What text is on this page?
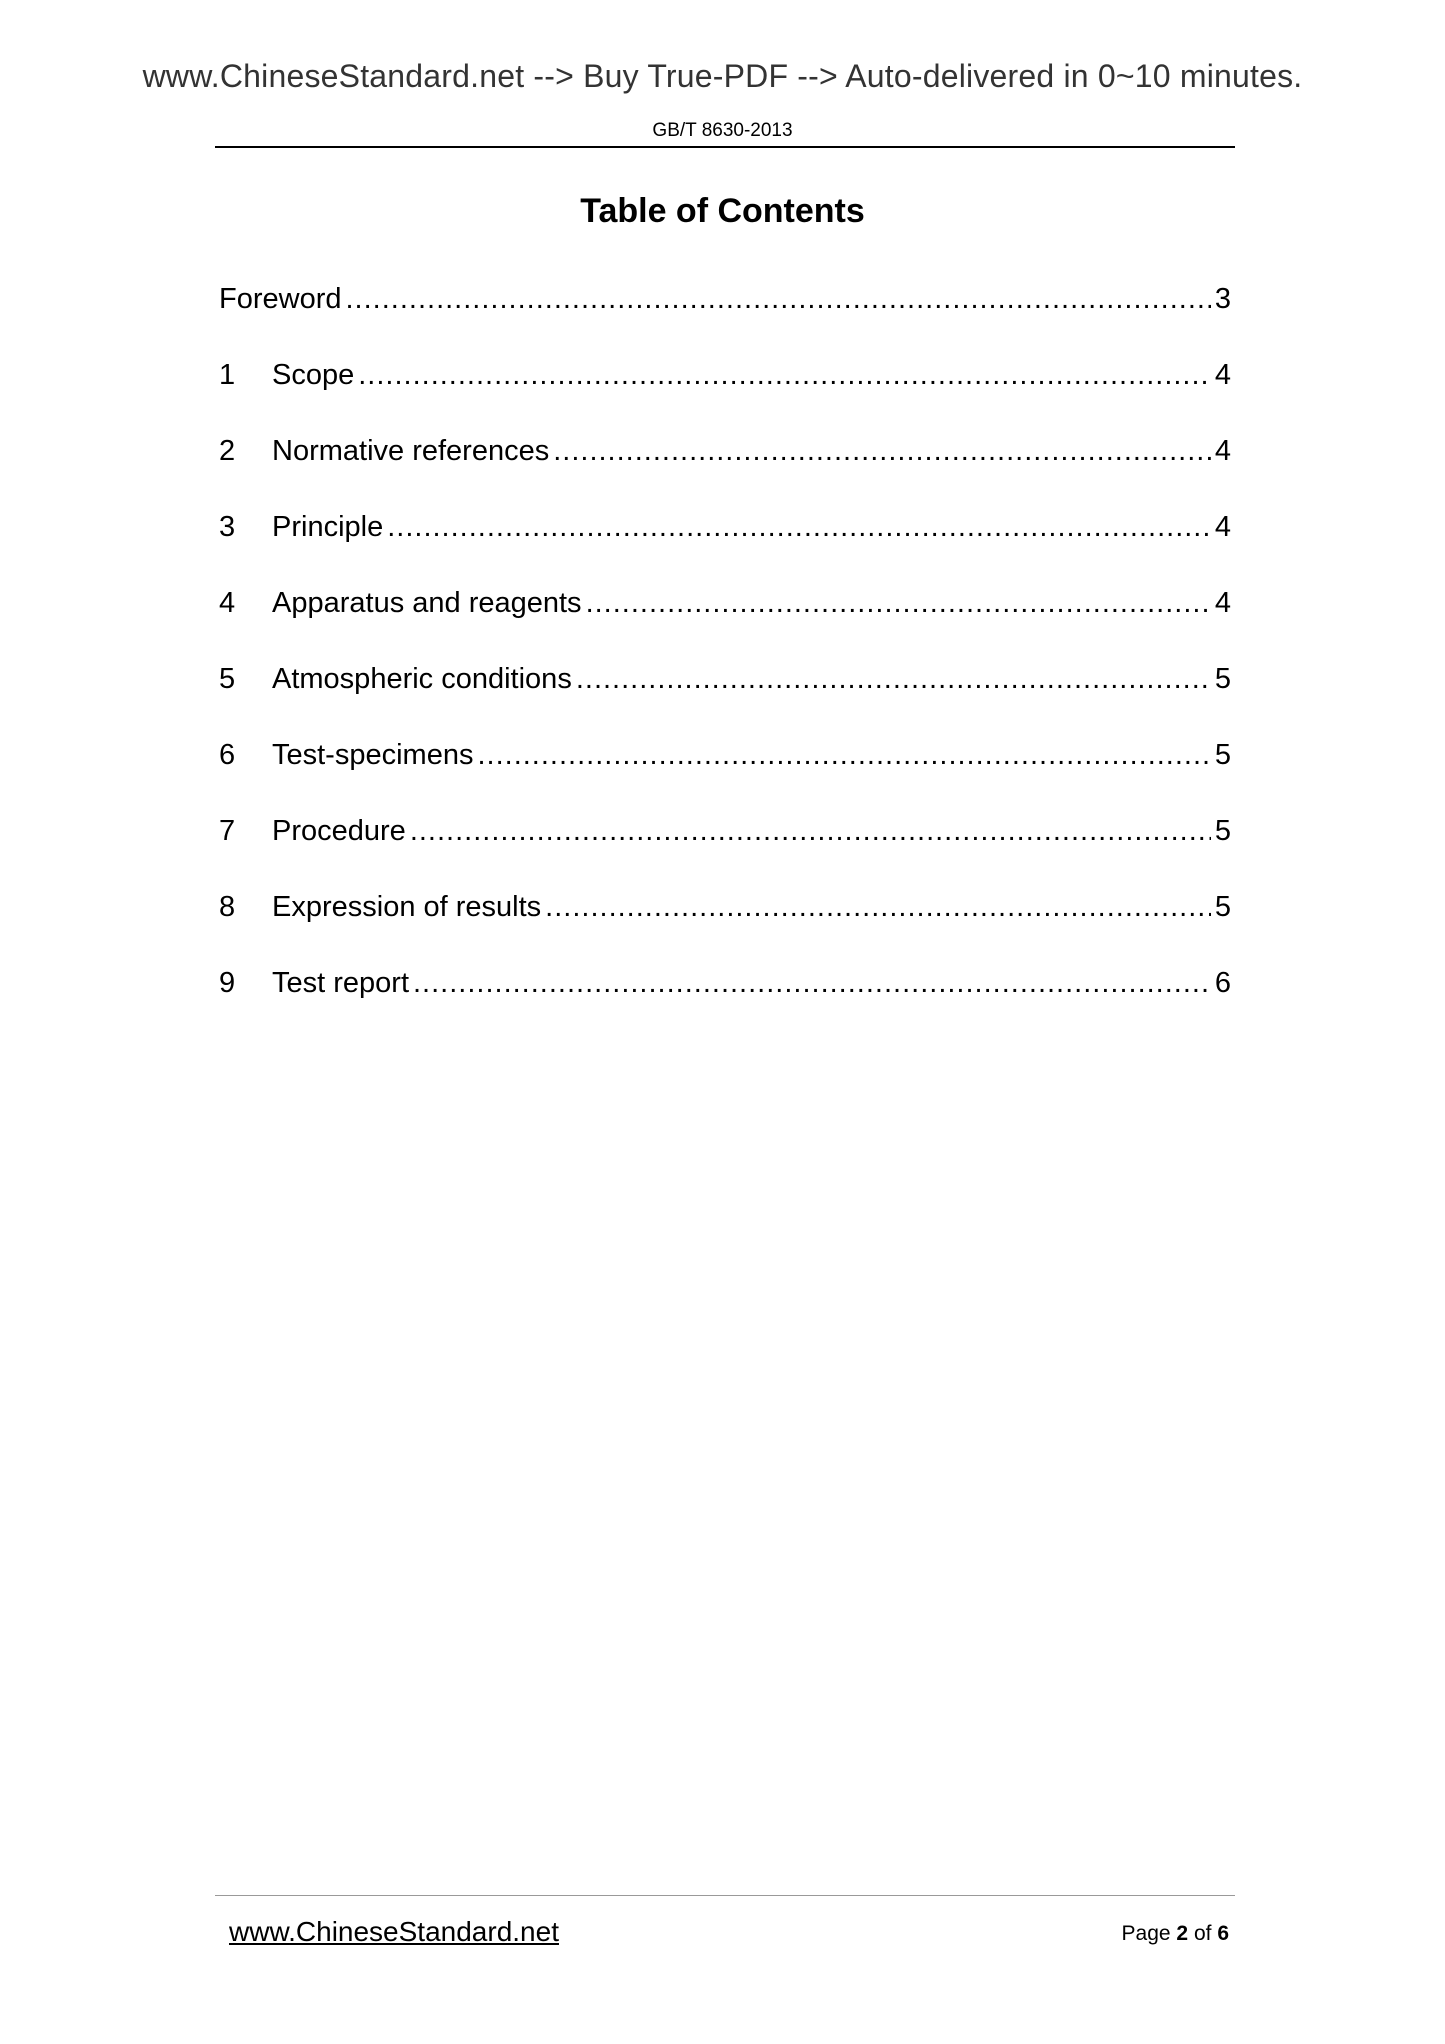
www.ChineseStandard.net --> Buy True-PDF --> Auto-delivered in 0~10 minutes.
GB/T 8630-2013
Table of Contents
Foreword .....	3
1	Scope .....	4
2	Normative references .....	4
3	Principle .....	4
4	Apparatus and reagents .....	4
5	Atmospheric conditions .....	5
6	Test-specimens .....	5
7	Procedure .....	5
8	Expression of results .....	5
9	Test report .....	6
www.ChineseStandard.net	Page 2 of 6
